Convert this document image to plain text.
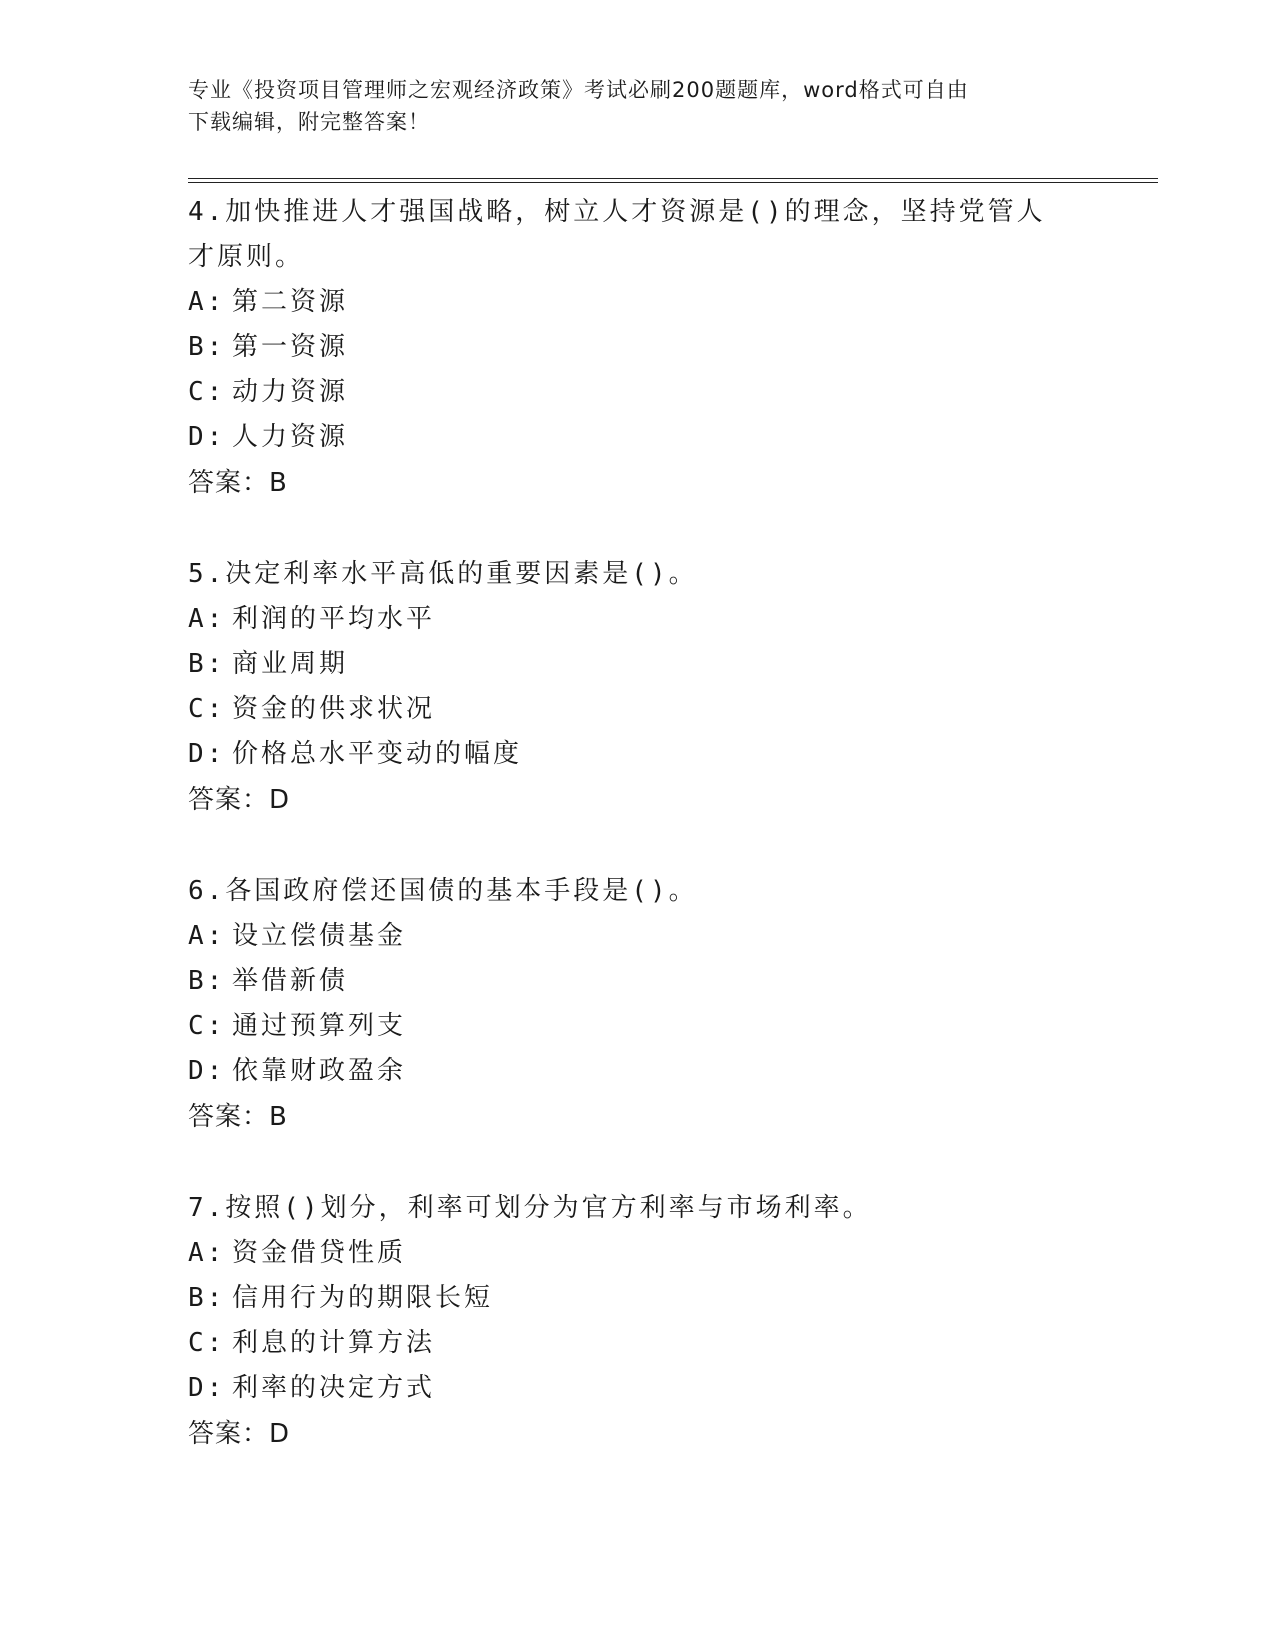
专业《投资项目管理师之宏观经济政策》考试必刷200题题库，word格式可自由
下载编辑，附完整答案！
4.加快推进人才强国战略，树立人才资源是()的理念，坚持党管人才原则。
A: 第二资源
B: 第一资源
C: 动力资源
D: 人力资源
答案：B
5.决定利率水平高低的重要因素是()。
A: 利润的平均水平
B: 商业周期
C: 资金的供求状况
D: 价格总水平变动的幅度
答案：D
6.各国政府偿还国债的基本手段是()。
A: 设立偿债基金
B: 举借新债
C: 通过预算列支
D: 依靠财政盈余
答案：B
7.按照()划分，利率可划分为官方利率与市场利率。
A: 资金借贷性质
B: 信用行为的期限长短
C: 利息的计算方法
D: 利率的决定方式
答案：D
